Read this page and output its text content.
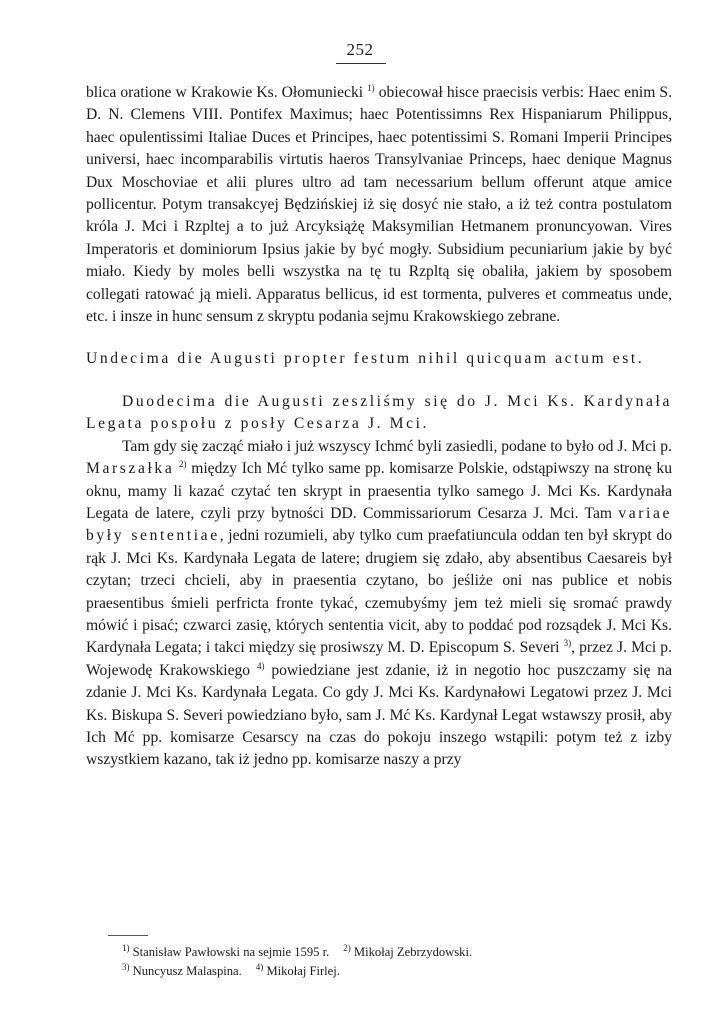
252

blica oratione w Krakowie Ks. Ołomuniecki $^{1)}$ obiecował hisce praecisis verbis: Haec enim S. D. N. Clemens VIII. Pontifex Maximus; haec Potentissimns Rex Hispaniarum Philippus, haec opulentissimi Italiae Duces et Principes, haec potentissimi S. Romani Imperii Principes universi, haec incomparabilis virtutis haeros Transylvaniae Princeps, haec denique Magnus Dux Moschoviae et alii plures ultro ad tam necessarium bellum offerunt atque amice pollicentur. Potym transakcyej Będzińskiej iż się dosyć nie stało, a iż też contra postulatom króla J. Mci i Rzpltej a to już Arcyksiążę Maksymilian Hetmanem pronuncyowan. Vires Imperatoris et dominiorum Ipsius jakie by być mogły. Subsidium pecuniarium jakie by być miało. Kiedy by moles belli wszystka na tę tu Rzpltą się obaliła, jakiem by sposobem collegati ratować ją mieli. Apparatus bellicus, id est tormenta, pulveres et commeatus unde, etc. i insze in hunc sensum z skryptu podania sejmu Krakowskiego zebrane.

Undecima die Augusti propter festum nihil quicquam actum est.

Duodecima die Augusti zeszliśmy się do J. Mci Ks. Kardynała Legata pospołu z posły Cesarza J. Mci.

Tam gdy się zacząć miało i już wszyscy Ichmć byli zasiedli, podane to było od J. Mci p. Marszałka $^{2)}$ między Ich Mć tylko same pp. komisarze Polskie, odstąpiwszy na stronę ku oknu, mamy li kazać czytać ten skrypt in praesentia tylko samego J. Mci Ks. Kardynała Legata de latere, czyli przy bytności DD. Commissariorum Cesarza J. Mci. Tam variae były sententiae, jedni rozumieli, aby tylko cum praefatiuncula oddan ten był skrypt do rąk J. Mci Ks. Kardynała Legata de latere; drugiem się zdało, aby absentibus Caesareis był czytan; trzeci chcieli, aby in praesentia czytano, bo jeśliże oni nas publice et nobis praesentibus śmieli perfricta fronte tykać, czemubyśmy jem też mieli się sromać prawdy mówić i pisać; czwarci zasię, których sententia vicit, aby to poddać pod rozsądek J. Mci Ks. Kardynała Legata; i takci między się prosiwszy M. D. Episcopum S. Severi $^{3)}$, przez J. Mci p. Wojewodę Krakowskiego $^{4)}$ powiedziane jest zdanie, iż in negotio hoc puszczamy się na zdanie J. Mci Ks. Kardynała Legata. Co gdy J. Mci Ks. Kardynałowi Legatowi przez J. Mci Ks. Biskupa S. Severi powiedziano było, sam J. Mć Ks. Kardynał Legat wstawszy prosił, aby Ich Mć pp. komisarze Cesarscy na czas do pokoju inszego wstąpili: potym też z izby wszystkiem kazano, tak iż jedno pp. komisarze naszy a przy

$^{1)}$ Stanisław Pawłowski na sejmie 1595 r. $^{2)}$ Mikołaj Zebrzydowski.
$^{3)}$ Nuncyusz Malaspina. $^{4)}$ Mikołaj Firlej.
